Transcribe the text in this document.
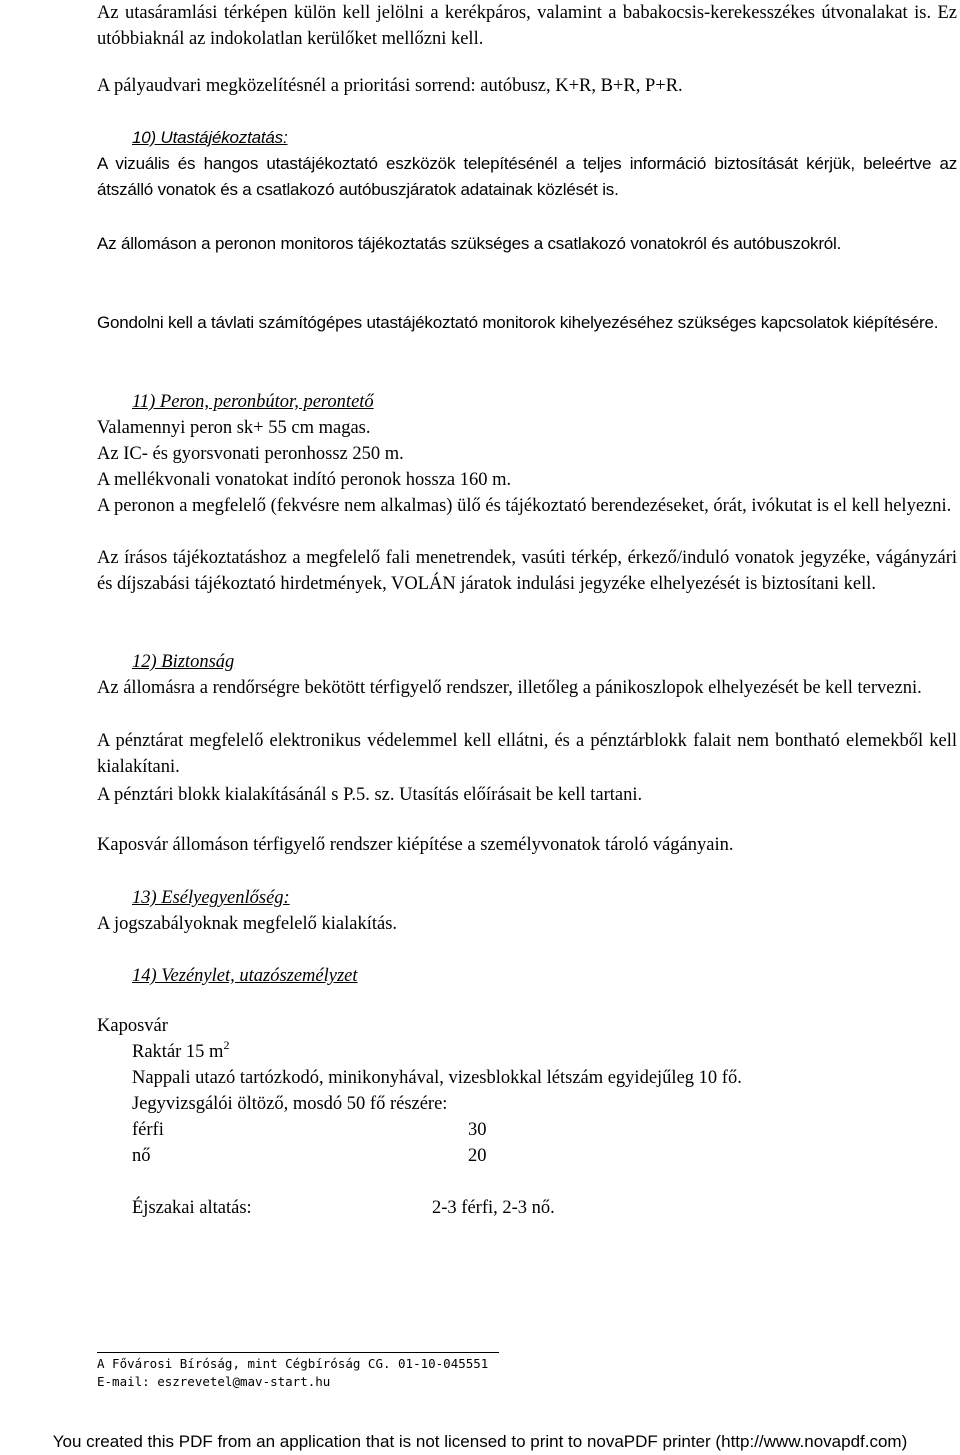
Az utasáramlási térképen külön kell jelölni a kerékpáros, valamint a babakocsis-kerekesszékes útvonalakat is. Ez utóbbiaknál az indokolatlan kerülőket mellőzni kell.

A pályaudvari megközelítésnél a prioritási sorrend: autóbusz, K+R, B+R, P+R.

10) Utastájékoztatás:

A vizuális és hangos utastájékoztató eszközök telepítésénél a teljes információ biztosítását kérjük, beleértve az átszálló vonatok és a csatlakozó autóbuszjáratok adatainak közlését is.

Az állomáson a peronon monitoros tájékoztatás szükséges a csatlakozó vonatokról és autóbuszokról.

Gondolni kell a távlati számítógépes utastájékoztató monitorok kihelyezéséhez szükséges kapcsolatok kiépítésére.

11) Peron, peronbútor, perontető

Valamennyi peron sk+ 55 cm magas.

Az IC- és gyorsvonati peronhossz 250 m.

A mellékvonali vonatokat indító peronok hossza 160 m.

A peronon a megfelelő (fekvésre nem alkalmas) ülő és tájékoztató berendezéseket, órát, ivókutat is el kell helyezni.

Az írásos tájékoztatáshoz a megfelelő fali menetrendek, vasúti térkép, érkező/induló vonatok jegyzéke, vágányzári és díjszabási tájékoztató hirdetmények, VOLÁN járatok indulási jegyzéke elhelyezését is biztosítani kell.

12) Biztonság

Az állomásra a rendőrségre bekötött térfigyelő rendszer, illetőleg a pánikoszlopok elhelyezését be kell tervezni.

A pénztárat megfelelő elektronikus védelemmel kell ellátni, és a pénztárblokk falait nem bontható elemekből kell kialakítani.

A pénztári blokk kialakításánál s P.5. sz. Utasítás előírásait be kell tartani.

Kaposvár állomáson térfigyelő rendszer kiépítése a személyvonatok tároló vágányain.

13) Esélyegyenlőség:

A jogszabályoknak megfelelő kialakítás.

14) Vezénylet, utazószemélyzet

Kaposvár

Raktár 15 $m^2$
Nappali utazó tartózkodó, minikonyhával, vizesblokkal létszám egyidejűleg 10 fő.
Jegyvizsgálói öltöző, mosdó 50 fő részére:
férfi	30
nő	20
Éjszakai altatás:	2-3 férfi, 2-3 nő.
A Fővárosi Bíróság, mint Cégbíróság CG. 01-10-045551
E-mail: eszrevetel@mav-start.hu
You created this PDF from an application that is not licensed to print to novaPDF printer (http://www.novapdf.com)
